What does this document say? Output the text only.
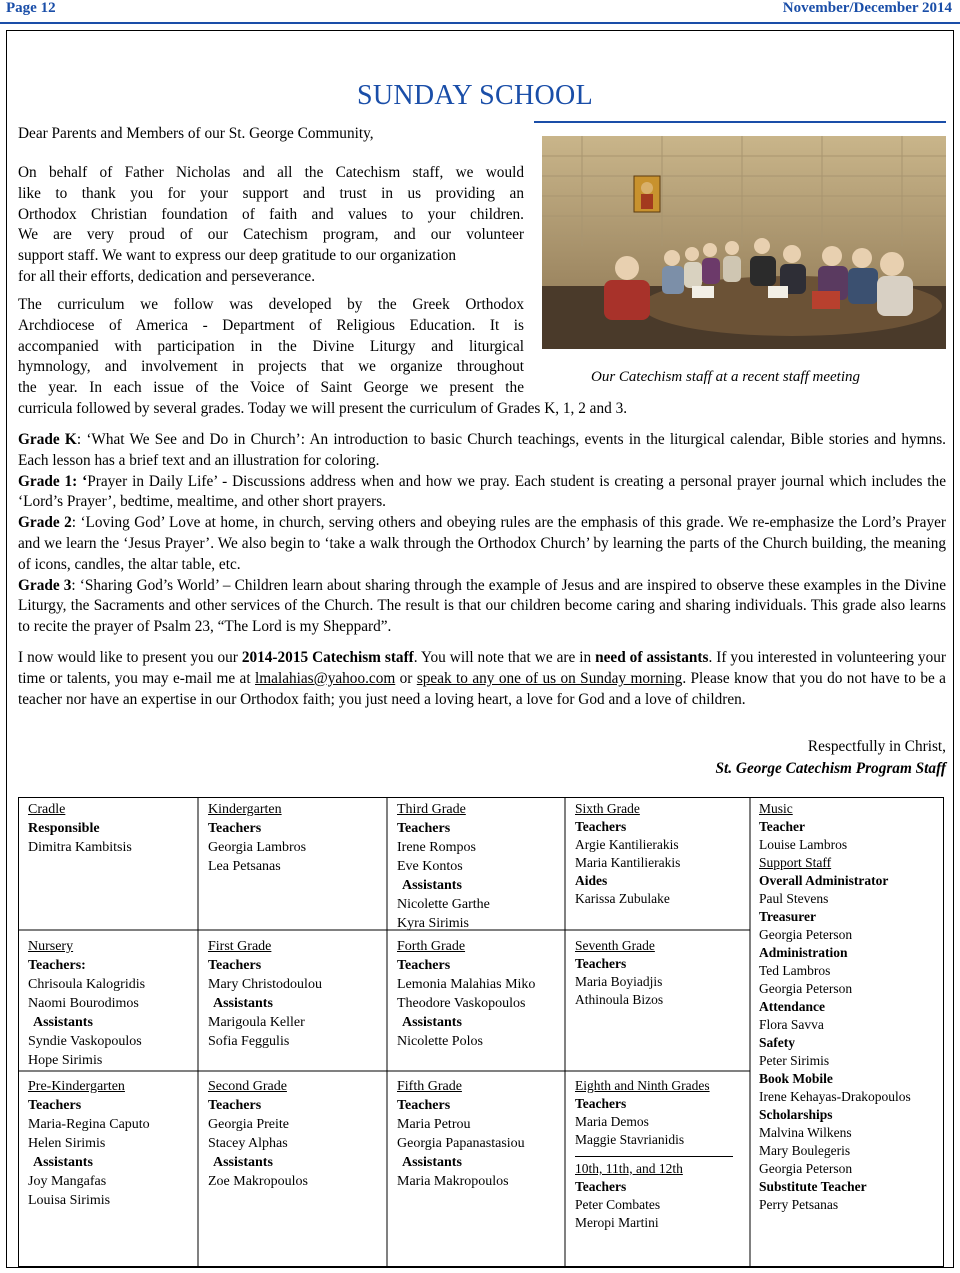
Page 12	November/December 2014
SUNDAY SCHOOL
Dear Parents and Members of our St. George Community,
On behalf of Father Nicholas and all the Catechism staff, we would
like to thank you for your support and trust in us providing an
Orthodox Christian foundation of faith and values to your children.
We are very proud of our Catechism program, and our volunteer
support staff. We want to express our deep gratitude to our organization
for all their efforts, dedication and perseverance.
The curriculum we follow was developed by the Greek Orthodox
Archdiocese of America - Department of Religious Education. It is
accompanied with participation in the Divine Liturgy and liturgical
hymnology, and involvement in projects that we organize throughout
the year. In each issue of the Voice of Saint George we present the
curricula followed by several grades. Today we will present the curriculum of Grades K, 1, 2 and 3.
Our Catechism staff at a recent staff meeting
Grade K: ‘What We See and Do in Church’: An introduction to basic Church teachings, events in the liturgical calendar, Bible stories and hymns. Each lesson has a brief text and an illustration for coloring.
Grade 1: ‘Prayer in Daily Life’ - Discussions address when and how we pray. Each student is creating a personal prayer journal which includes the ‘Lord’s Prayer’, bedtime, mealtime, and other short prayers.
Grade 2: ‘Loving God’ Love at home, in church, serving others and obeying rules are the emphasis of this grade. We re-emphasize the Lord’s Prayer and we learn the ‘Jesus Prayer’. We also begin to ‘take a walk through the Orthodox Church’ by learning the parts of the Church building, the meaning of icons, candles, the altar table, etc.
Grade 3: ‘Sharing God’s World’ – Children learn about sharing through the example of Jesus and are inspired to observe these examples in the Divine Liturgy, the Sacraments and other services of the Church. The result is that our children become caring and sharing individuals. This grade also learns to recite the prayer of Psalm 23, “The Lord is my Sheppard”.
I now would like to present you our 2014-2015 Catechism staff. You will note that we are in need of assistants. If you interested in volunteering your time or talents, you may e-mail me at lmalahias@yahoo.com or speak to any one of us on Sunday morning. Please know that you do not have to be a teacher nor have an expertise in our Orthodox faith; you just need a loving heart, a love for God and a love of children.
Respectfully in Christ,
St. George Catechism Program Staff
Cradle
Responsible
Dimitra Kambitsis
Nursery
Teachers:
Chrisoula Kalogridis
Naomi Bourodimos
Assistants
Syndie Vaskopoulos
Hope Sirimis
Pre-Kindergarten
Teachers
Maria-Regina Caputo
Helen Sirimis
Assistants
Joy Mangafas
Louisa Sirimis
Kindergarten
Teachers
Georgia Lambros
Lea Petsanas
First Grade
Teachers
Mary Christodoulou
Assistants
Marigoula Keller
Sofia Feggulis
Second Grade
Teachers
Georgia Preite
Stacey Alphas
Assistants
Zoe Makropoulos
Third Grade
Teachers
Irene Rompos
Eve Kontos
Assistants
Nicolette Garthe
Kyra Sirimis
Forth Grade
Teachers
Lemonia Malahias Miko
Theodore Vaskopoulos
Assistants
Nicolette Polos
Fifth Grade
Teachers
Maria Petrou
Georgia Papanastasiou
Assistants
Maria Makropoulos
Sixth Grade
Teachers
Argie Kantilierakis
Maria Kantilierakis
Aides
Karissa Zubulake
Seventh Grade
Teachers
Maria Boyiadjis
Athinoula Bizos
Eighth and Ninth Grades
Teachers
Maria Demos
Maggie Stavrianidis
10th, 11th, and 12th
Teachers
Peter Combates
Meropi Martini
Music
Teacher
Louise Lambros
Support Staff
Overall Administrator
Paul Stevens
Treasurer
Georgia Peterson
Administration
Ted Lambros
Georgia Peterson
Attendance
Flora Savva
Safety
Peter Sirimis
Book Mobile
Irene Kehayas-Drakopoulos
Scholarships
Malvina Wilkens
Mary Boulegeris
Georgia Peterson
Substitute Teacher
Perry Petsanas
